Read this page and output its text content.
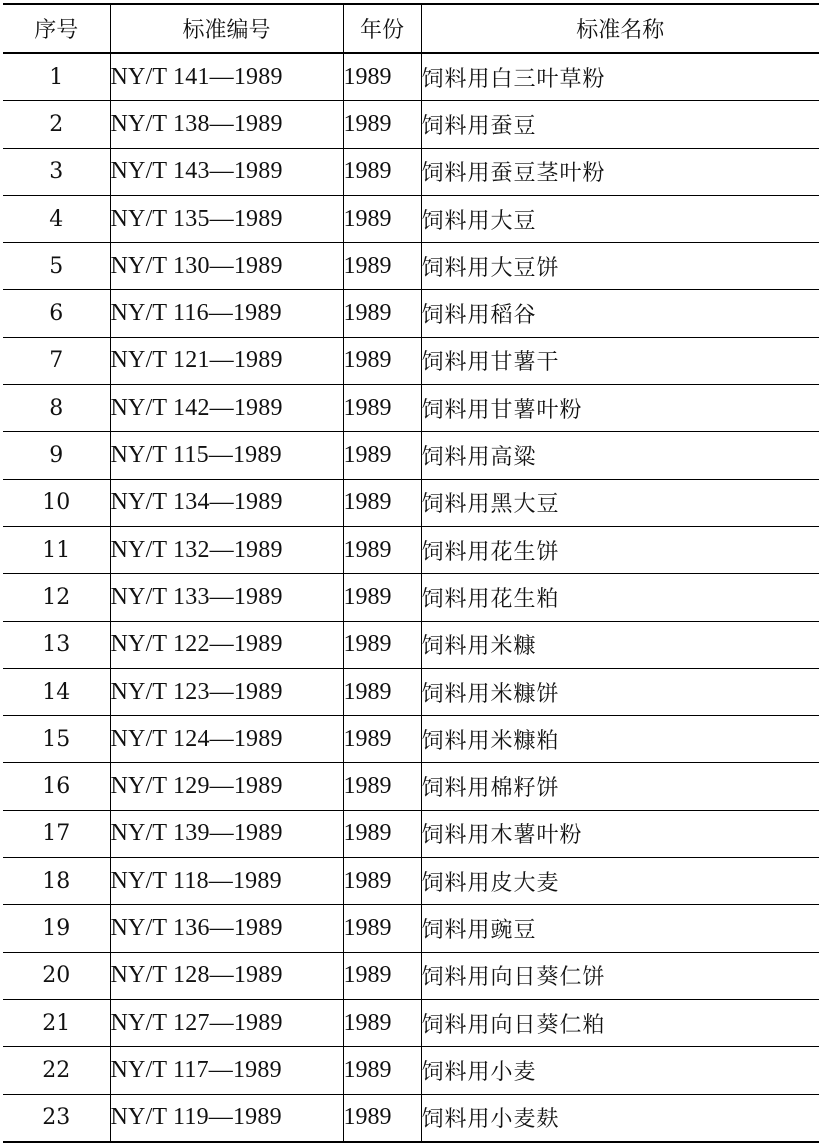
序号	标准编号	年份	标准名称
1	NY/T 141—1989	1989	饲料用白三叶草粉
2	NY/T 138—1989	1989	饲料用蚕豆
3	NY/T 143—1989	1989	饲料用蚕豆茎叶粉
4	NY/T 135—1989	1989	饲料用大豆
5	NY/T 130—1989	1989	饲料用大豆饼
6	NY/T 116—1989	1989	饲料用稻谷
7	NY/T 121—1989	1989	饲料用甘薯干
8	NY/T 142—1989	1989	饲料用甘薯叶粉
9	NY/T 115—1989	1989	饲料用高粱
10	NY/T 134—1989	1989	饲料用黑大豆
11	NY/T 132—1989	1989	饲料用花生饼
12	NY/T 133—1989	1989	饲料用花生粕
13	NY/T 122—1989	1989	饲料用米糠
14	NY/T 123—1989	1989	饲料用米糠饼
15	NY/T 124—1989	1989	饲料用米糠粕
16	NY/T 129—1989	1989	饲料用棉籽饼
17	NY/T 139—1989	1989	饲料用木薯叶粉
18	NY/T 118—1989	1989	饲料用皮大麦
19	NY/T 136—1989	1989	饲料用豌豆
20	NY/T 128—1989	1989	饲料用向日葵仁饼
21	NY/T 127—1989	1989	饲料用向日葵仁粕
22	NY/T 117—1989	1989	饲料用小麦
23	NY/T 119—1989	1989	饲料用小麦麸
